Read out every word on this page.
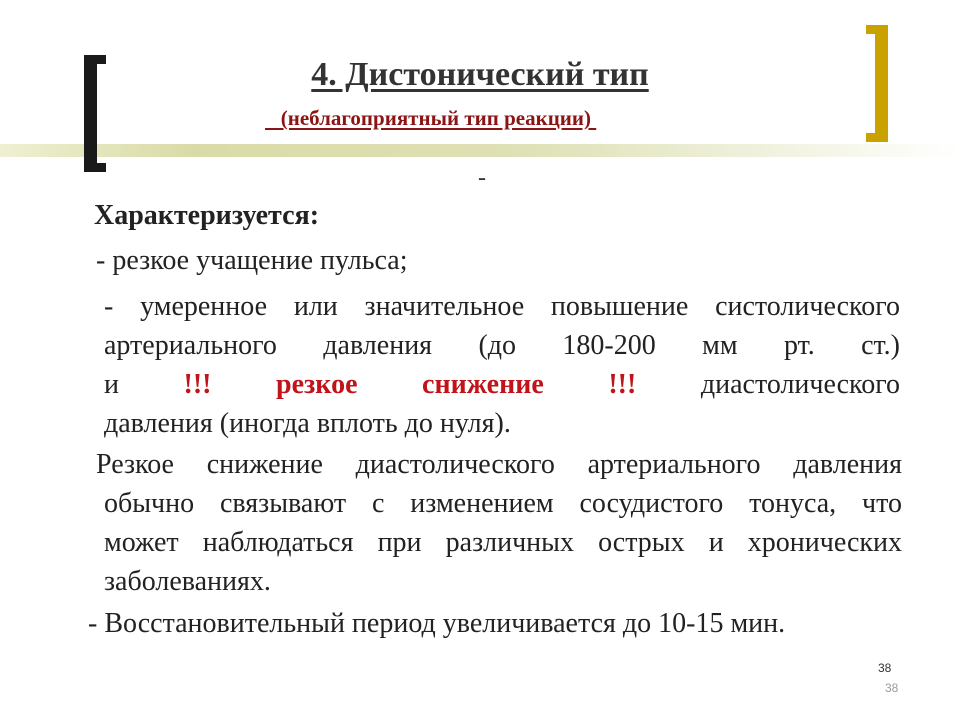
4. Дистонический тип
(неблагоприятный тип реакции)
-
Характеризуется:
- резкое учащение пульса;
- умеренное или значительное повышение систолического
артериального давления (до 180-200 мм рт. ст.)
и !!! резкое снижение !!! диастолического
давления (иногда вплоть до нуля).
Резкое снижение диастолического артериального давления
обычно связывают с изменением сосудистого тонуса, что
может наблюдаться при различных острых и хронических
заболеваниях.
- Восстановительный период увеличивается до 10-15 мин.
38
38
